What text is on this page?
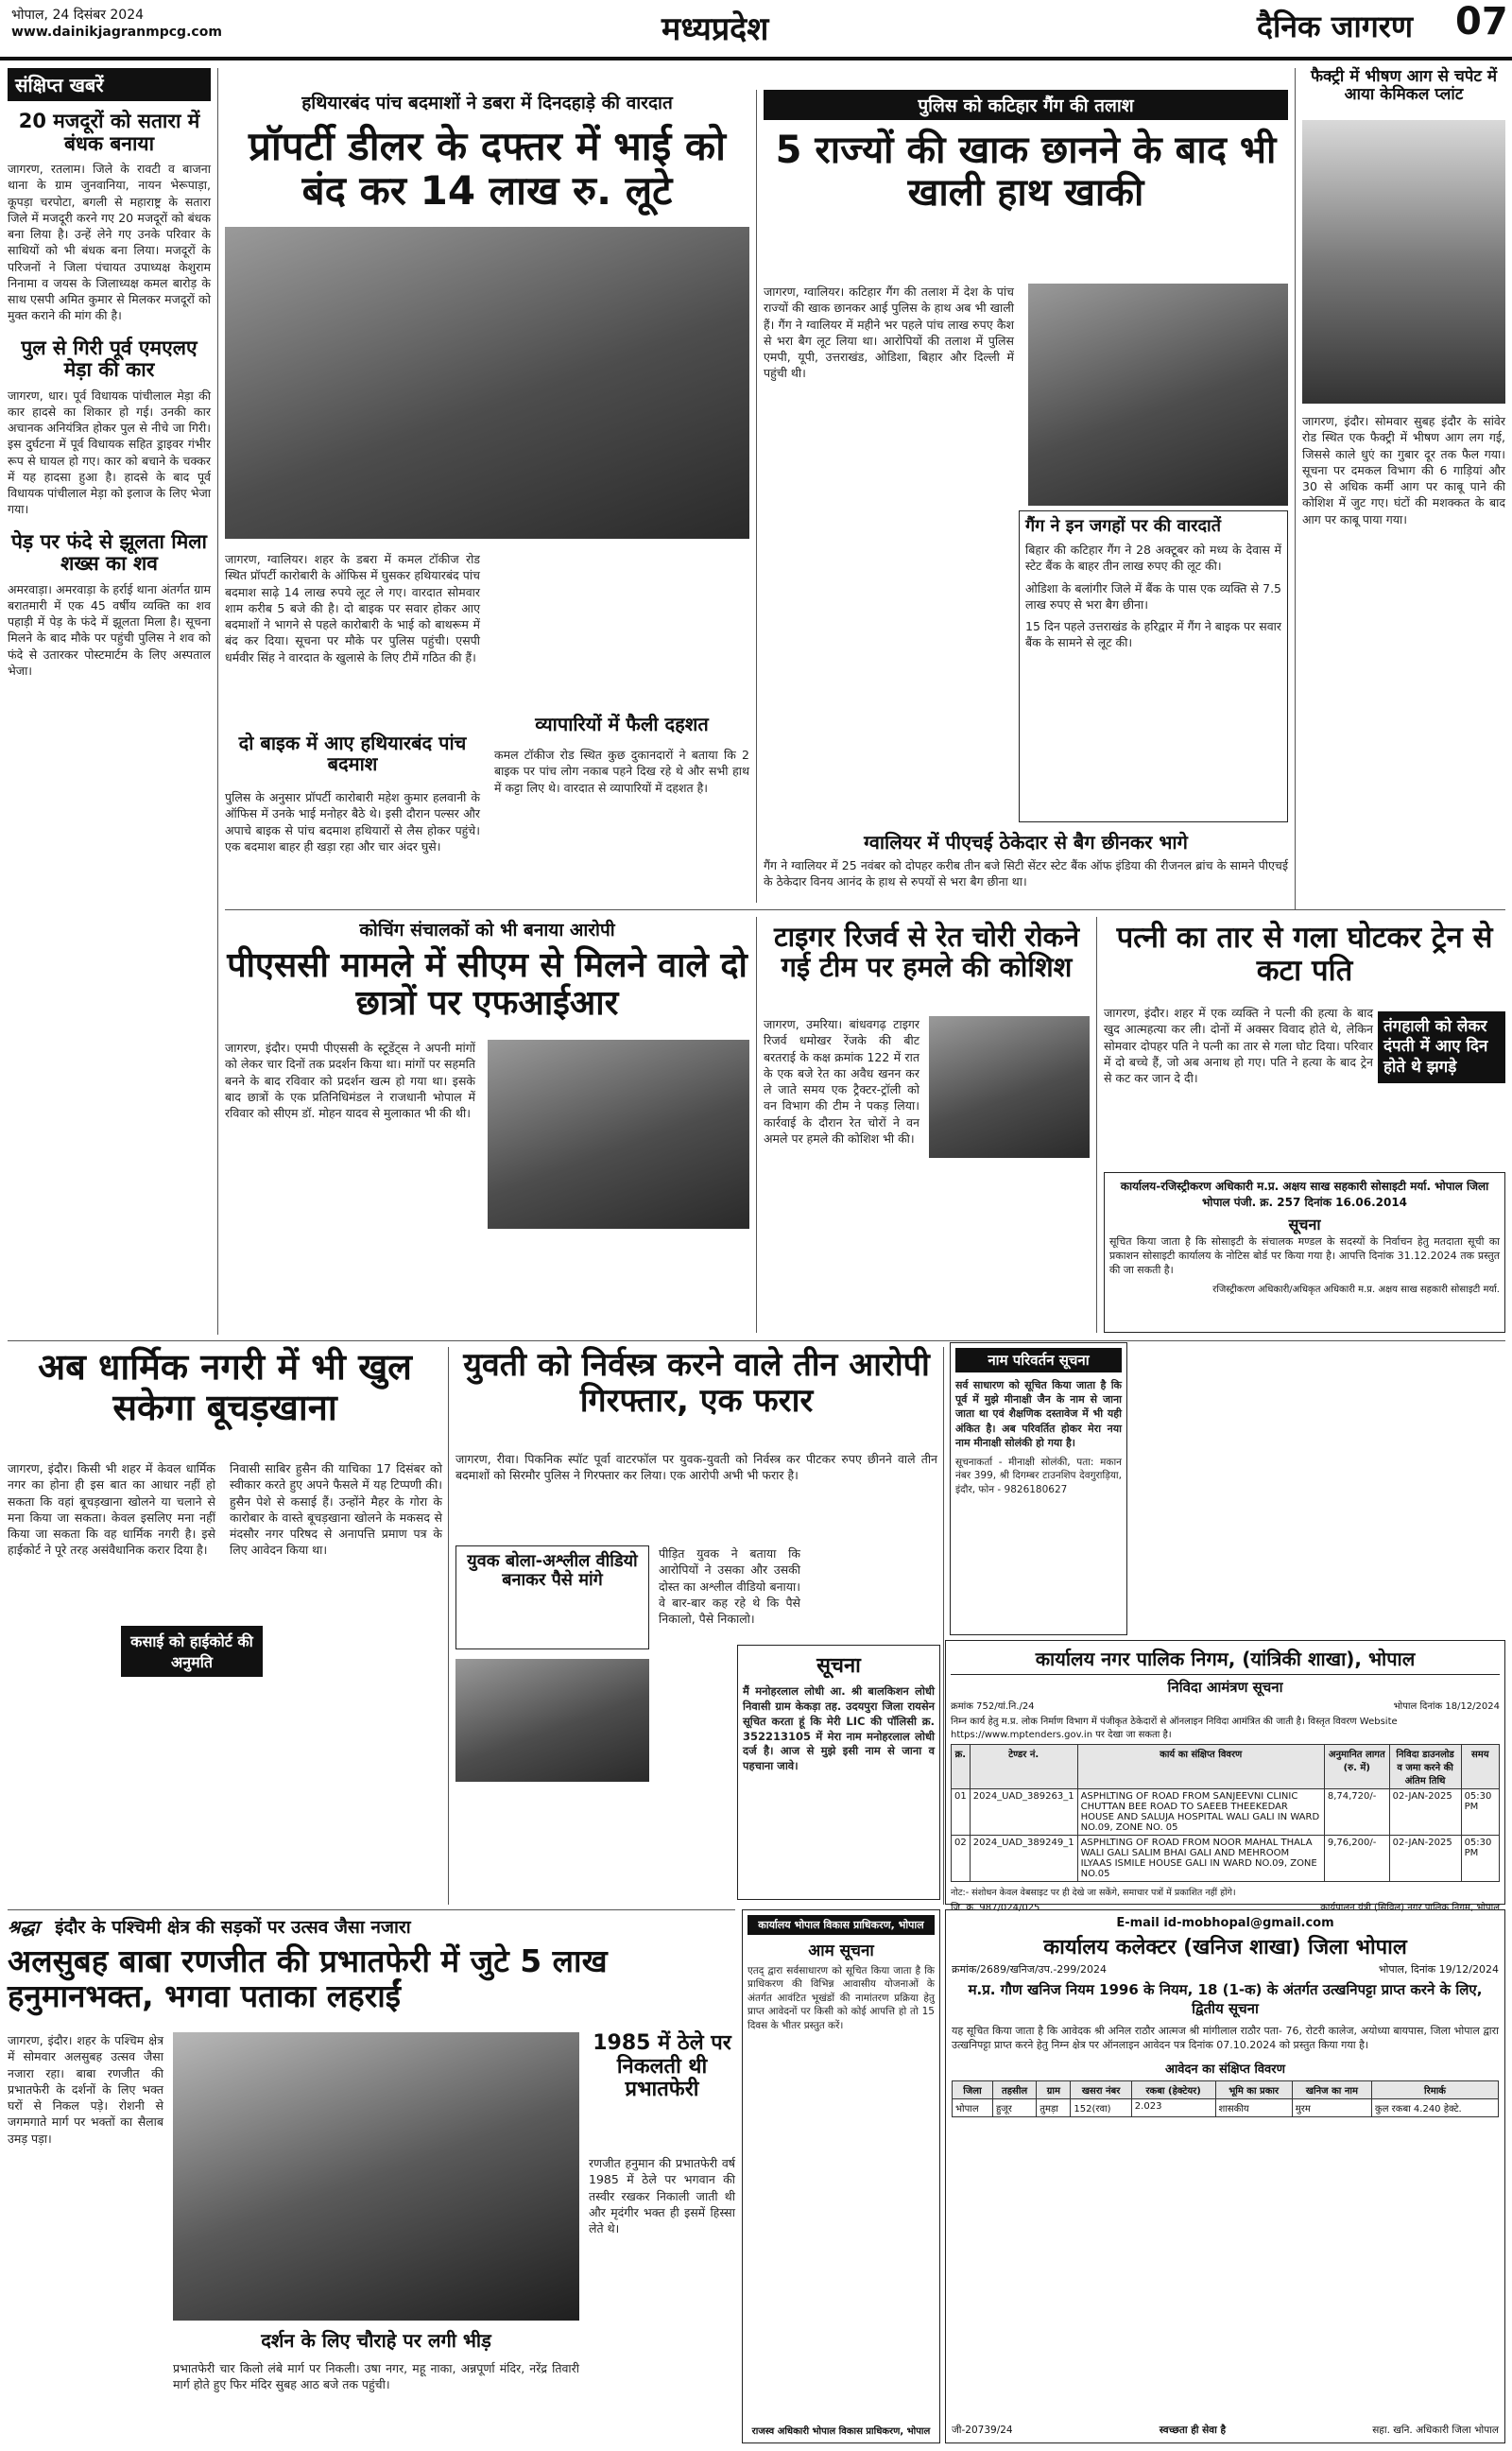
भोपाल, 24 दिसंबर 2024
www.dainikjagranmpcg.com	मध्यप्रदेश	दैनिक जागरण 07
संक्षिप्त खबरें
20 मजदूरों को सतारा में बंधक बनाया
जागरण, रतलाम। जिले के रावटी व बाजना थाना के ग्राम जुनवानिया, नायन भेरूपाड़ा, कूपड़ा चरपोटा, बगली से महाराष्ट्र के सतारा जिले में मजदूरी करने गए 20 मजदूरों को बंधक बना लिया है। उन्हें लेने गए उनके परिवार के साथियों को भी बंधक बना लिया। मजदूरों के परिजनों ने जिला पंचायत उपाध्यक्ष केशुराम निनामा व जयस के जिलाध्यक्ष कमल बारोड़ के साथ एसपी अमित कुमार से मिलकर मजदूरों को मुक्त कराने की मांग की है।
पुल से गिरी पूर्व एमएलए मेड़ा की कार
जागरण, धार। पूर्व विधायक पांचीलाल मेड़ा की कार हादसे का शिकार हो गई। उनकी कार अचानक अनियंत्रित होकर पुल से नीचे जा गिरी। इस दुर्घटना में पूर्व विधायक सहित ड्राइवर गंभीर रूप से घायल हो गए। कार को बचाने के चक्कर में यह हादसा हुआ है। हादसे के बाद पूर्व विधायक पांचीलाल मेड़ा को इलाज के लिए भेजा गया।
पेड़ पर फंदे से झूलता मिला शख्स का शव
अमरवाड़ा। अमरवाड़ा के हर्राई थाना अंतर्गत ग्राम बरातमारी में एक 45 वर्षीय व्यक्ति का शव पहाड़ी में पेड़ के फंदे में झूलता मिला है। सूचना मिलने के बाद मौके पर पहुंची पुलिस ने शव को फंदे से उतारकर पोस्टमार्टम के लिए अस्पताल भेजा।
हथियारबंद पांच बदमाशों ने डबरा में दिनदहाड़े की वारदात
प्रॉपर्टी डीलर के दफ्तर में भाई को बंद कर 14 लाख रु. लूटे
जागरण, ग्वालियर। शहर के डबरा में कमल टॉकीज रोड स्थित प्रॉपर्टी कारोबारी के ऑफिस में घुसकर हथियारबंद पांच बदमाश साढ़े 14 लाख रुपये लूट ले गए। वारदात सोमवार शाम करीब 5 बजे की है। दो बाइक पर सवार होकर आए बदमाशों ने भागने से पहले कारोबारी के भाई को बाथरूम में बंद कर दिया। सूचना पर मौके पर पुलिस पहुंची। एसपी धर्मवीर सिंह ने वारदात के खुलासे के लिए टीमें गठित की हैं।
दो बाइक में आए हथियारबंद पांच बदमाश
पुलिस के अनुसार प्रॉपर्टी कारोबारी महेश कुमार हलवानी के ऑफिस में उनके भाई मनोहर बैठे थे। इसी दौरान पल्सर और अपाचे बाइक से पांच बदमाश हथियारों से लैस होकर पहुंचे। एक बदमाश बाहर ही खड़ा रहा और चार अंदर घुसे।
व्यापारियों में फैली दहशत
कमल टॉकीज रोड स्थित कुछ दुकानदारों ने बताया कि 2 बाइक पर पांच लोग नकाब पहने दिख रहे थे और सभी हाथ में कट्टा लिए थे। वारदात से व्यापारियों में दहशत है।
पुलिस को कटिहार गैंग की तलाश
5 राज्यों की खाक छानने के बाद भी खाली हाथ खाकी
जागरण, ग्वालियर। कटिहार गैंग की तलाश में देश के पांच राज्यों की खाक छानकर आई पुलिस के हाथ अब भी खाली हैं। गैंग ने ग्वालियर में महीने भर पहले पांच लाख रुपए कैश से भरा बैग लूट लिया था। आरोपियों की तलाश में पुलिस एमपी, यूपी, उत्तराखंड, ओडिशा, बिहार और दिल्ली में पहुंची थी।
गैंग ने इन जगहों पर की वारदातें
बिहार की कटिहार गैंग ने 28 अक्टूबर को मध्य के देवास में स्टेट बैंक के बाहर तीन लाख रुपए की लूट की।
ओडिशा के बलांगीर जिले में बैंक के पास एक व्यक्ति से 7.5 लाख रुपए से भरा बैग छीना।
15 दिन पहले उत्तराखंड के हरिद्वार में गैंग ने बाइक पर सवार बैंक के सामने से लूट की।
ग्वालियर में पीएचई ठेकेदार से बैग छीनकर भागे
गैंग ने ग्वालियर में 25 नवंबर को दोपहर करीब तीन बजे सिटी सेंटर स्टेट बैंक ऑफ इंडिया की रीजनल ब्रांच के सामने पीएचई के ठेकेदार विनय आनंद के हाथ से रुपयों से भरा बैग छीना था।
फैक्ट्री में भीषण आग से चपेट में आया केमिकल प्लांट
जागरण, इंदौर। सोमवार सुबह इंदौर के सांवेर रोड स्थित एक फैक्ट्री में भीषण आग लग गई, जिससे काले धुएं का गुबार दूर तक फैल गया। सूचना पर दमकल विभाग की 6 गाड़ियां और 30 से अधिक कर्मी आग पर काबू पाने की कोशिश में जुट गए। घंटों की मशक्कत के बाद आग पर काबू पाया गया।
कोचिंग संचालकों को भी बनाया आरोपी
पीएससी मामले में सीएम से मिलने वाले दो छात्रों पर एफआईआर
जागरण, इंदौर। एमपी पीएससी के स्टूडेंट्स ने अपनी मांगों को लेकर चार दिनों तक प्रदर्शन किया था। मांगों पर सहमति बनने के बाद रविवार को प्रदर्शन खत्म हो गया था। इसके बाद छात्रों के एक प्रतिनिधिमंडल ने राजधानी भोपाल में रविवार को सीएम डॉ. मोहन यादव से मुलाकात भी की थी।
टाइगर रिजर्व से रेत चोरी रोकने गई टीम पर हमले की कोशिश
जागरण, उमरिया। बांधवगढ़ टाइगर रिजर्व धमोखर रेंजके की बीट बरतराई के कक्ष क्रमांक 122 में रात के एक बजे रेत का अवैध खनन कर ले जाते समय एक ट्रैक्टर-ट्रॉली को वन विभाग की टीम ने पकड़ लिया। कार्रवाई के दौरान रेत चोरों ने वन अमले पर हमले की कोशिश भी की।
पत्नी का तार से गला घोटकर ट्रेन से कटा पति
जागरण, इंदौर। शहर में एक व्यक्ति ने पत्नी की हत्या के बाद खुद आत्महत्या कर ली। दोनों में अक्सर विवाद होते थे, लेकिन सोमवार दोपहर पति ने पत्नी का तार से गला घोट दिया। परिवार में दो बच्चे हैं, जो अब अनाथ हो गए। पति ने हत्या के बाद ट्रेन से कट कर जान दे दी।
तंगहाली को लेकर दंपती में आए दिन होते थे झगड़े
कार्यालय-रजिस्ट्रीकरण अधिकारी म.प्र. अक्षय साख सहकारी सोसाइटी मर्या. भोपाल जिला भोपाल पंजी. क्र. 257 दिनांक 16.06.2014
सूचना
सूचित किया जाता है कि सोसाइटी के संचालक मण्डल के सदस्यों के निर्वाचन हेतु मतदाता सूची का प्रकाशन सोसाइटी कार्यालय के नोटिस बोर्ड पर किया गया है। आपत्ति दिनांक 31.12.2024 तक प्रस्तुत की जा सकती है।
रजिस्ट्रीकरण अधिकारी/अधिकृत अधिकारी म.प्र. अक्षय साख सहकारी सोसाइटी मर्या.
अब धार्मिक नगरी में भी खुल सकेगा बूचड़खाना
जागरण, इंदौर। किसी भी शहर में केवल धार्मिक नगर का होना ही इस बात का आधार नहीं हो सकता कि वहां बूचड़खाना खोलने या चलाने से मना किया जा सकता। केवल इसलिए मना नहीं किया जा सकता कि वह धार्मिक नगरी है। इसे हाईकोर्ट ने पूरे तरह असंवैधानिक करार दिया है।
कसाई को हाईकोर्ट की अनुमति
निवासी साबिर हुसैन की याचिका 17 दिसंबर को स्वीकार करते हुए अपने फैसले में यह टिप्पणी की। हुसैन पेशे से कसाई हैं। उन्होंने मैहर के गोरा के कारोबार के वास्ते बूचड़खाना खोलने के मकसद से मंदसौर नगर परिषद से अनापत्ति प्रमाण पत्र के लिए आवेदन किया था।
युवती को निर्वस्त्र करने वाले तीन आरोपी गिरफ्तार, एक फरार
जागरण, रीवा। पिकनिक स्पॉट पूर्वा वाटरफॉल पर युवक-युवती को निर्वस्त्र कर पीटकर रुपए छीनने वाले तीन बदमाशों को सिरमौर पुलिस ने गिरफ्तार कर लिया। एक आरोपी अभी भी फरार है।
युवक बोला-अश्लील वीडियो बनाकर पैसे मांगे
पीड़ित युवक ने बताया कि आरोपियों ने उसका और उसकी दोस्त का अश्लील वीडियो बनाया। वे बार-बार कह रहे थे कि पैसे निकालो, पैसे निकालो।
नाम परिवर्तन सूचना
सर्व साधारण को सूचित किया जाता है कि पूर्व में मुझे मीनाक्षी जैन के नाम से जाना जाता था एवं शैक्षणिक दस्तावेज में भी यही अंकित है। अब परिवर्तित होकर मेरा नया नाम मीनाक्षी सोलंकी हो गया है।
सूचनाकर्ता - मीनाक्षी सोलंकी, पता: मकान नंबर 399, श्री दिगम्बर टाउनशिप देवगुराड़िया, इंदौर, फोन - 9826180627
सूचना
मैं मनोहरलाल लोधी आ. श्री बालकिशन लोधी निवासी ग्राम केकड़ा तह. उदयपुरा जिला रायसेन सूचित करता हूं कि मेरी LIC की पॉलिसी क्र. 352213105 में मेरा नाम मनोहरलाल लोधी दर्ज है। आज से मुझे इसी नाम से जाना व पहचाना जावे।
कार्यालय नगर पालिक निगम, (यांत्रिकी शाखा), भोपाल
निविदा आमंत्रण सूचना
क्रमांक 752/यां.नि./24	भोपाल दिनांक 18/12/2024
निम्न कार्य हेतु म.प्र. लोक निर्माण विभाग में पंजीकृत ठेकेदारों से ऑनलाइन निविदा आमंत्रित की जाती है। विस्तृत विवरण Website https://www.mptenders.gov.in पर देखा जा सकता है।
क्र.	टेण्डर नं.	कार्य का संक्षिप्त विवरण	अनुमानित लागत (रु. में)	निविदा डाउनलोड व जमा करने की अंतिम तिथि	समय
01	2024_UAD_389263_1	ASPHLTING OF ROAD FROM SANJEEVNI CLINIC CHUTTAN BEE ROAD TO SAEEB THEEKEDAR HOUSE AND SALUJA HOSPITAL WALI GALI IN WARD NO.09, ZONE NO. 05	8,74,720/-	02-JAN-2025	05:30 PM
02	2024_UAD_389249_1	ASPHLTING OF ROAD FROM NOOR MAHAL THALA WALI GALI SALIM BHAI GALI AND MEHROOM ILYAAS ISMILE HOUSE GALI IN WARD NO.09, ZONE NO.05	9,76,200/-	02-JAN-2025	05:30 PM
नोट:- संशोधन केवल वेबसाइट पर ही देखे जा सकेंगे, समाचार पत्रों में प्रकाशित नहीं होंगे।
जि. क्र. 987/024/025	कार्यपालन यंत्री (सिविल) नगर पालिक निगम, भोपाल
श्रद्धा इंदौर के पश्चिमी क्षेत्र की सड़कों पर उत्सव जैसा नजारा
अलसुबह बाबा रणजीत की प्रभातफेरी में जुटे 5 लाख हनुमानभक्त, भगवा पताका लहराईं
जागरण, इंदौर। शहर के पश्चिम क्षेत्र में सोमवार अलसुबह उत्सव जैसा नजारा रहा। बाबा रणजीत की प्रभातफेरी के दर्शनों के लिए भक्त घरों से निकल पड़े। रोशनी से जगमगाते मार्ग पर भक्तों का सैलाब उमड़ पड़ा।
1985 में ठेले पर निकलती थी प्रभातफेरी
रणजीत हनुमान की प्रभातफेरी वर्ष 1985 में ठेले पर भगवान की तस्वीर रखकर निकाली जाती थी और मृदंगीर भक्त ही इसमें हिस्सा लेते थे।
दर्शन के लिए चौराहे पर लगी भीड़
प्रभातफेरी चार किलो लंबे मार्ग पर निकली। उषा नगर, महू नाका, अन्नपूर्णा मंदिर, नरेंद्र तिवारी मार्ग होते हुए फिर मंदिर सुबह आठ बजे तक पहुंची।
कार्यालय भोपाल विकास प्राधिकरण, भोपाल
आम सूचना
एतद् द्वारा सर्वसाधारण को सूचित किया जाता है कि प्राधिकरण की विभिन्न आवासीय योजनाओं के अंतर्गत आवंटित भूखंडों की नामांतरण प्रक्रिया हेतु प्राप्त आवेदनों पर किसी को कोई आपत्ति हो तो 15 दिवस के भीतर प्रस्तुत करें।
राजस्व अधिकारी भोपाल विकास प्राधिकरण, भोपाल
E-mail id-mobhopal@gmail.com
कार्यालय कलेक्टर (खनिज शाखा) जिला भोपाल
क्रमांक/2689/खनिज/उप.-299/2024	भोपाल, दिनांक 19/12/2024
म.प्र. गौण खनिज नियम 1996 के नियम, 18 (1-क) के अंतर्गत उत्खनिपट्टा प्राप्त करने के लिए, द्वितीय सूचना
यह सूचित किया जाता है कि आवेदक श्री अनिल राठौर आत्मज श्री मांगीलाल राठौर पता- 76, रोटरी कालेज, अयोध्या बायपास, जिला भोपाल द्वारा उत्खनिपट्टा प्राप्त करने हेतु निम्न क्षेत्र पर ऑनलाइन आवेदन पत्र दिनांक 07.10.2024 को प्रस्तुत किया गया है।
आवेदन का संक्षिप्त विवरण
जिला	तहसील	ग्राम	खसरा नंबर	रकबा (हेक्टेयर)	भूमि का प्रकार	खनिज का नाम	रिमार्क
भोपाल	हुजूर	तुमड़ा	152(रवा)	2.023	शासकीय	मुरम	कुल रकबा 4.240 हेक्टे.
जी-20739/24	स्वच्छता ही सेवा है	सहा. खनि. अधिकारी जिला भोपाल
